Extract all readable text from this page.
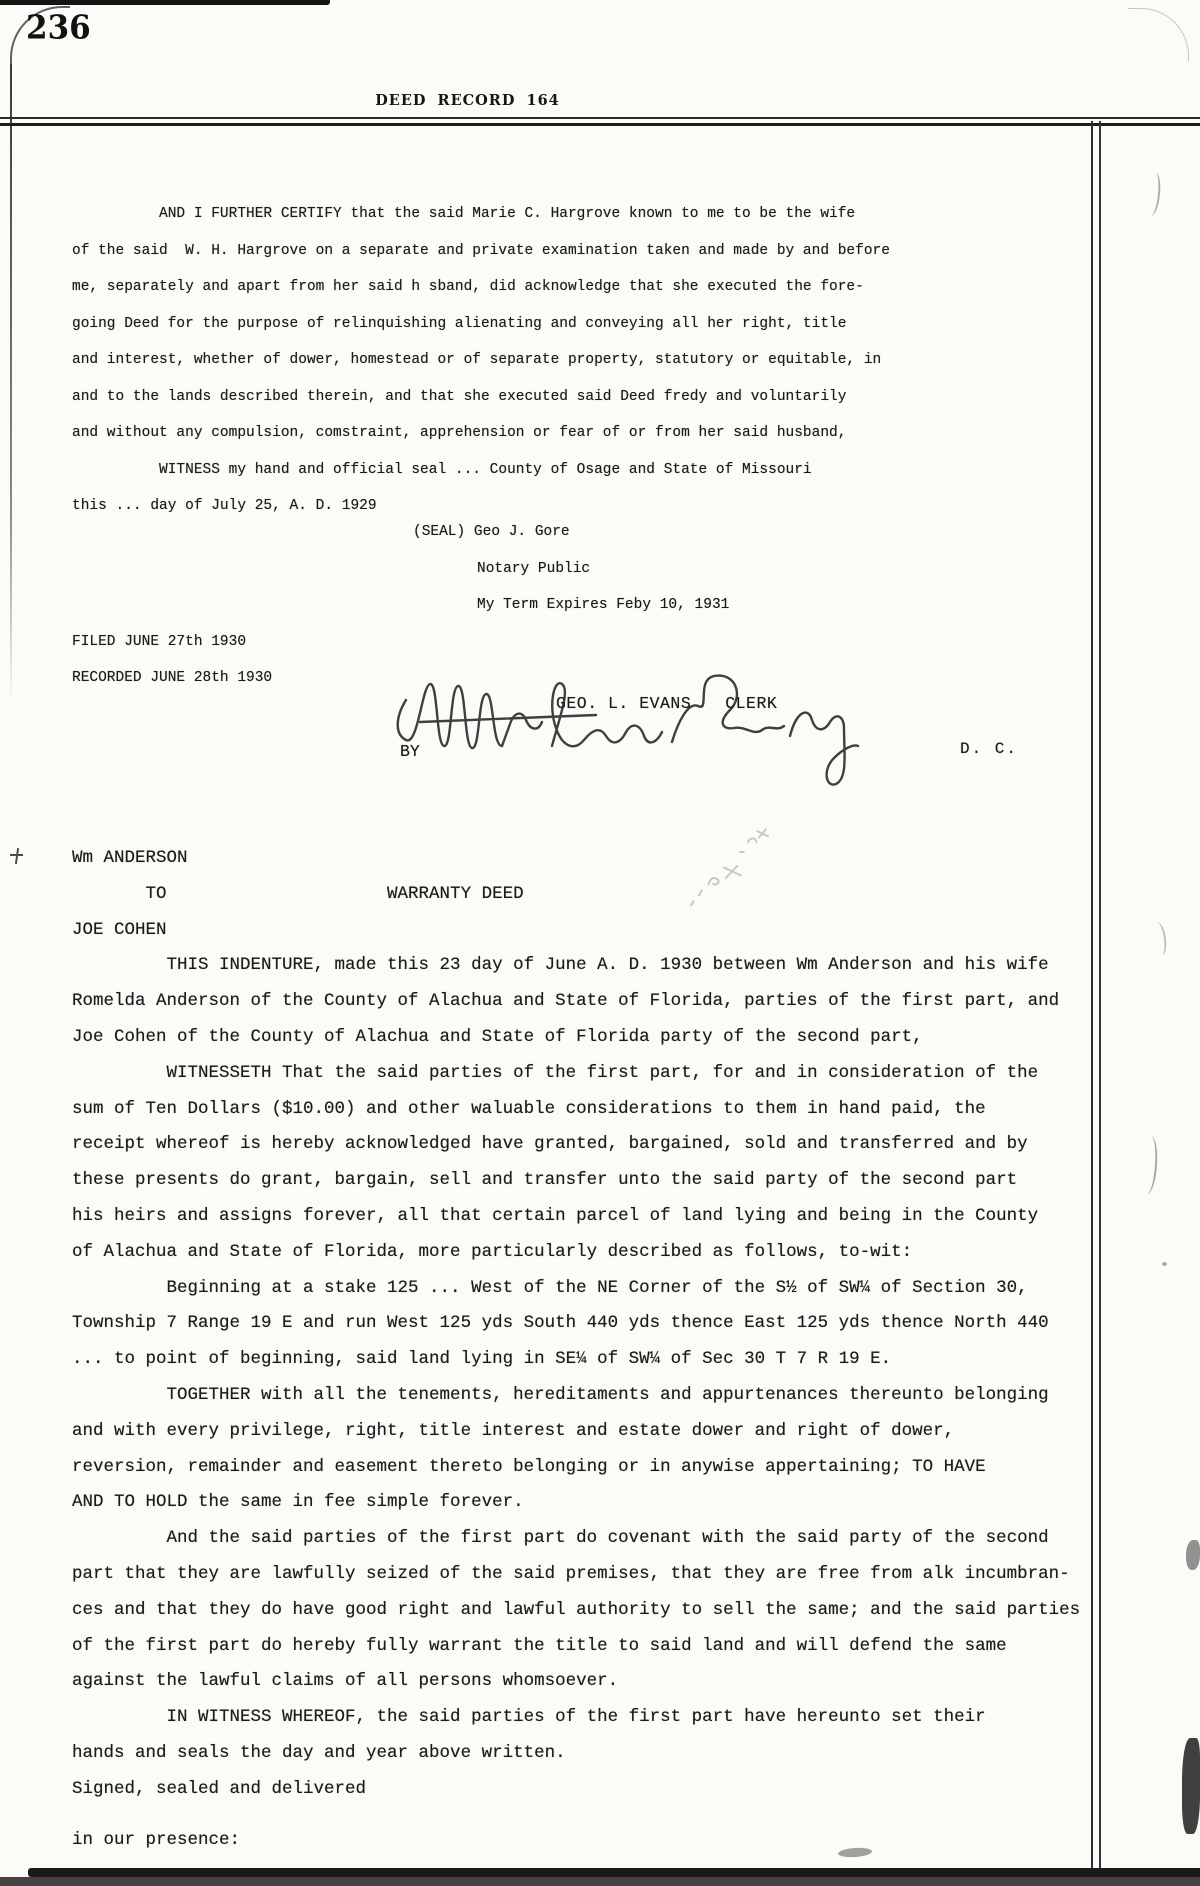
236
DEED RECORD 164
AND I FURTHER CERTIFY that the said Marie C. Hargrove known to me to be the wife
of the said  W. H. Hargrove on a separate and private examination taken and made by and before
me, separately and apart from her said h sband, did acknowledge that she executed the fore-
going Deed for the purpose of relinquishing alienating and conveying all her right, title
and interest, whether of dower, homestead or of separate property, statutory or equitable, in
and to the lands described therein, and that she executed said Deed fredy and voluntarily
and without any compulsion, comstraint, apprehension or fear of or from her said husband,
WITNESS my hand and official seal ... County of Osage and State of Missouri
this ... day of July 25, A. D. 1929
(SEAL) Geo J. Gore
Notary Public
My Term Expires Feby 10, 1931
FILED JUNE 27th 1930
RECORDED JUNE 28th 1930
GEO. L. EVANS CLERK
BY	D. C.
Wm ANDERSON
TO                     WARRANTY DEED
JOE COHEN
THIS INDENTURE, made this 23 day of June A. D. 1930 between Wm Anderson and his wife
Romelda Anderson of the County of Alachua and State of Florida, parties of the first part, and
Joe Cohen of the County of Alachua and State of Florida party of the second part,
WITNESSETH That the said parties of the first part, for and in consideration of the
sum of Ten Dollars ($10.00) and other waluable considerations to them in hand paid, the
receipt whereof is hereby acknowledged have granted, bargained, sold and transferred and by
these presents do grant, bargain, sell and transfer unto the said party of the second part
his heirs and assigns forever, all that certain parcel of land lying and being in the County
of Alachua and State of Florida, more particularly described as follows, to-wit:
Beginning at a stake 125 ... West of the NE Corner of the S½ of SW¼ of Section 30,
Township 7 Range 19 E and run West 125 yds South 440 yds thence East 125 yds thence North 440
... to point of beginning, said land lying in SE¼ of SW¼ of Sec 30 T 7 R 19 E.
TOGETHER with all the tenements, hereditaments and appurtenances thereunto belonging
and with every privilege, right, title interest and estate dower and right of dower,
reversion, remainder and easement thereto belonging or in anywise appertaining; TO HAVE
AND TO HOLD the same in fee simple forever.
And the said parties of the first part do covenant with the said party of the second
part that they are lawfully seized of the said premises, that they are free from alk incumbran-
ces and that they do have good right and lawful authority to sell the same; and the said parties
of the first part do hereby fully warrant the title to said land and will defend the same
against the lawful claims of all persons whomsoever.
IN WITNESS WHEREOF, the said parties of the first part have hereunto set their
hands and seals the day and year above written.
Signed, sealed and delivered
in our presence:
